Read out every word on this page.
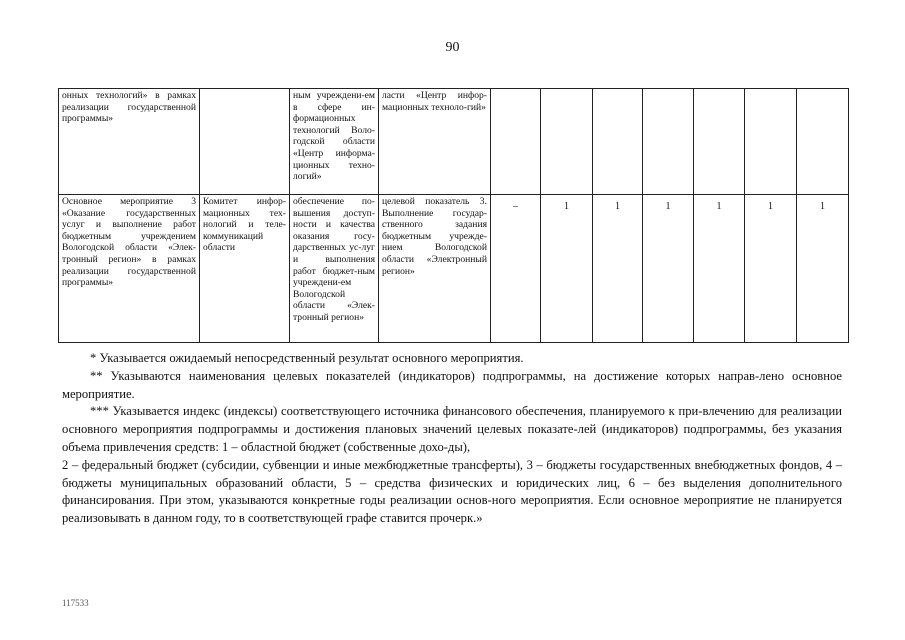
90
онных технологий» в рамках реализации государственной программы»		ным учреждени-ем в сфере ин-формационных технологий Воло-годской области «Центр информа-ционных техно-логий»	ласти «Центр инфор-мационных техноло-гий»							
Основное мероприятие 3 «Оказание государственных услуг и выполнение работ бюджетным учреждением Вологодской области «Элек-тронный регион» в рамках реализации государственной программы»	Комитет инфор-мационных тех-нологий и теле-коммуникаций области	обеспечение по-вышения доступ-ности и качества оказания госу-дарственных ус-луг и выполнения работ бюджет-ным учреждени-ем Вологодской области «Элек-тронный регион»	целевой показатель 3. Выполнение государ-ственного задания бюджетным учрежде-нием Вологодской области «Электронный регион»	–	1	1	1	1	1	1

* Указывается ожидаемый непосредственный результат основного мероприятия.

** Указываются наименования целевых показателей (индикаторов) подпрограммы, на достижение которых направ-лено основное мероприятие.

*** Указывается индекс (индексы) соответствующего источника финансового обеспечения, планируемого к при-влечению для реализации основного мероприятия подпрограммы и достижения плановых значений целевых показате-лей (индикаторов) подпрограммы, без указания объема привлечения средств: 1 – областной бюджет (собственные дохо-ды),

2 – федеральный бюджет (субсидии, субвенции и иные межбюджетные трансферты), 3 – бюджеты государственных внебюджетных фондов, 4 – бюджеты муниципальных образований области, 5 – средства физических и юридических лиц, 6 – без выделения дополнительного финансирования. При этом, указываются конкретные годы реализации основ-ного мероприятия. Если основное мероприятие не планируется реализовывать в данном году, то в соответствующей графе ставится прочерк.»

117533
